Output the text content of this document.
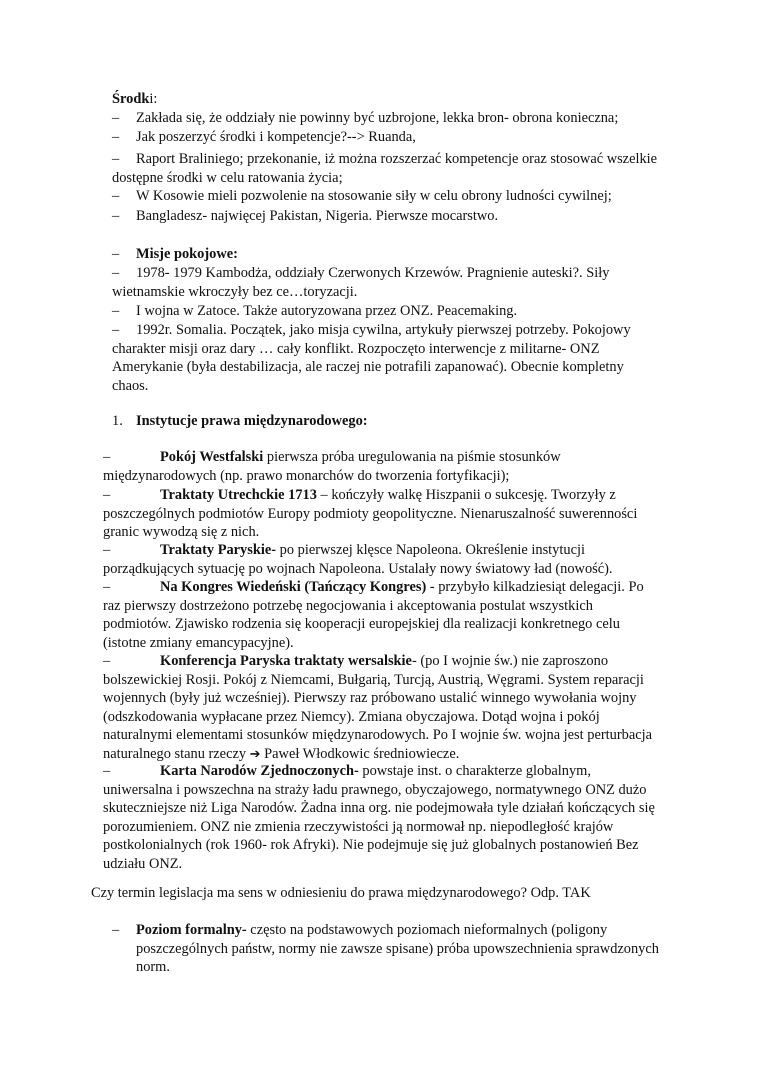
Środki:

– Zakłada się, że oddziały nie powinny być uzbrojone, lekka bron- obrona konieczna;

– Jak poszerzyć środki i kompetencje?--> Ruanda,

– Raport Braliniego; przekonanie, iż można rozszerzać kompetencje oraz stosować wszelkie dostępne środki w celu ratowania życia;

– W Kosowie mieli pozwolenie na stosowanie siły w celu obrony ludności cywilnej;

– Bangladesz- najwięcej Pakistan, Nigeria. Pierwsze mocarstwo.

– Misje pokojowe:

– 1978- 1979 Kambodża, oddziały Czerwonych Krzewów. Pragnienie auteski?. Siły wietnamskie wkroczyły bez ce…toryzacji.

– I wojna w Zatoce. Także autoryzowana przez ONZ. Peacemaking.

– 1992r. Somalia. Początek, jako misja cywilna, artykuły pierwszej potrzeby. Pokojowy charakter misji oraz dary … cały konflikt. Rozpoczęto interwencje z militarne- ONZ Amerykanie (była destabilizacja, ale raczej nie potrafili zapanować). Obecnie kompletny chaos.

1. Instytucje prawa międzynarodowego:

–	Pokój Westfalski pierwsza próba uregulowania na piśmie stosunków międzynarodowych (np. prawo monarchów do tworzenia fortyfikacji);

–	Traktaty Utrechckie 1713 – kończyły walkę Hiszpanii o sukcesję. Tworzyły z poszczególnych podmiotów Europy podmioty geopolityczne. Nienaruszalność suwerenności granic wywodzą się z nich.

–	Traktaty Paryskie- po pierwszej klęsce Napoleona. Określenie instytucji porządkujących sytuację po wojnach Napoleona. Ustalały nowy światowy ład (nowość).

–	Na Kongres Wiedeński (Tańczący Kongres) - przybyło kilkadziesiąt delegacji. Po raz pierwszy dostrzeżono potrzebę negocjowania i akceptowania postulat wszystkich podmiotów. Zjawisko rodzenia się kooperacji europejskiej dla realizacji konkretnego celu (istotne zmiany emancypacyjne).

–	Konferencja Paryska traktaty wersalskie- (po I wojnie św.) nie zaproszono bolszewickiej Rosji. Pokój z Niemcami, Bułgarią, Turcją, Austrią, Węgrami. System reparacji wojennych (były już wcześniej). Pierwszy raz próbowano ustalić winnego wywołania wojny (odszkodowania wypłacane przez Niemcy). Zmiana obyczajowa. Dotąd wojna i pokój naturalnymi elementami stosunków międzynarodowych. Po I wojnie św. wojna jest perturbacja naturalnego stanu rzeczy ➔ Paweł Włodkowic średniowiecze.

–	Karta Narodów Zjednoczonych- powstaje inst. o charakterze globalnym, uniwersalna i powszechna na straży ładu prawnego, obyczajowego, normatywnego ONZ dużo skuteczniejsze niż Liga Narodów. Żadna inna org. nie podejmowała tyle działań kończących się porozumieniem. ONZ nie zmienia rzeczywistości ją normował np. niepodległość krajów postkolonialnych (rok 1960- rok Afryki). Nie podejmuje się już globalnych postanowień Bez udziału ONZ.

Czy termin legislacja ma sens w odniesieniu do prawa międzynarodowego? Odp. TAK

– Poziom formalny- często na podstawowych poziomach nieformalnych (poligony poszczególnych państw, normy nie zawsze spisane) próba upowszechnienia sprawdzonych norm.
